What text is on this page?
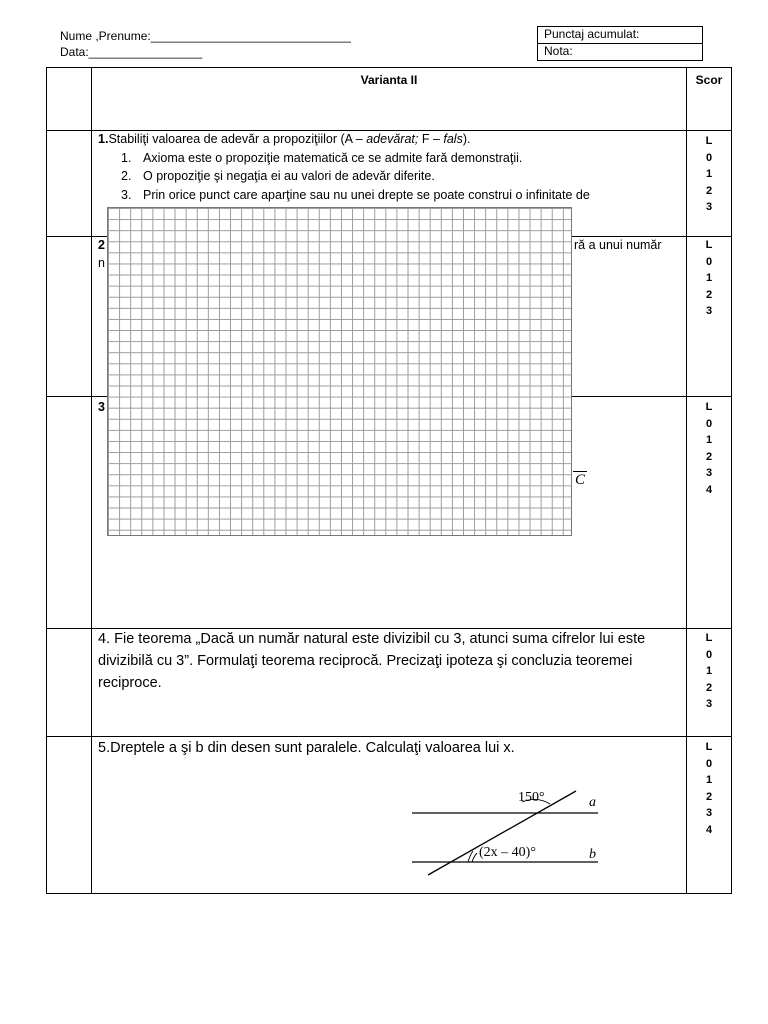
Nume ,Prenume:______________________________
Data:_________________
Punctaj acumulat:
Nota:
Varianta II	Scor
1.Stabiliţi valoarea de adevăr a propoziţiilor (A – adevărat; F – fals).
1. Axioma este o propoziţie matematică ce se admite fară demonstraţii.
2. O propoziţie şi negaţia ei au valori de adevăr diferite.
3. Prin orice punct care aparţine sau nu unei drepte se poate construi o infinitate de
L
0
1
2
3
2	ră a unui număr
n
L
0
1
2
3
3
C
L
0
1
2
3
4
4. Fie teorema „Dacă un număr natural este divizibil cu 3, atunci suma cifrelor lui este divizibilă cu 3”. Formulaţi teorema reciprocă. Precizaţi ipoteza şi concluzia teoremei reciproce.
L
0
1
2
3
5.Dreptele a şi b din desen sunt paralele. Calculaţi valoarea lui x.	L
0
1
2
3
4
150°
(2x – 40)°
a
b
